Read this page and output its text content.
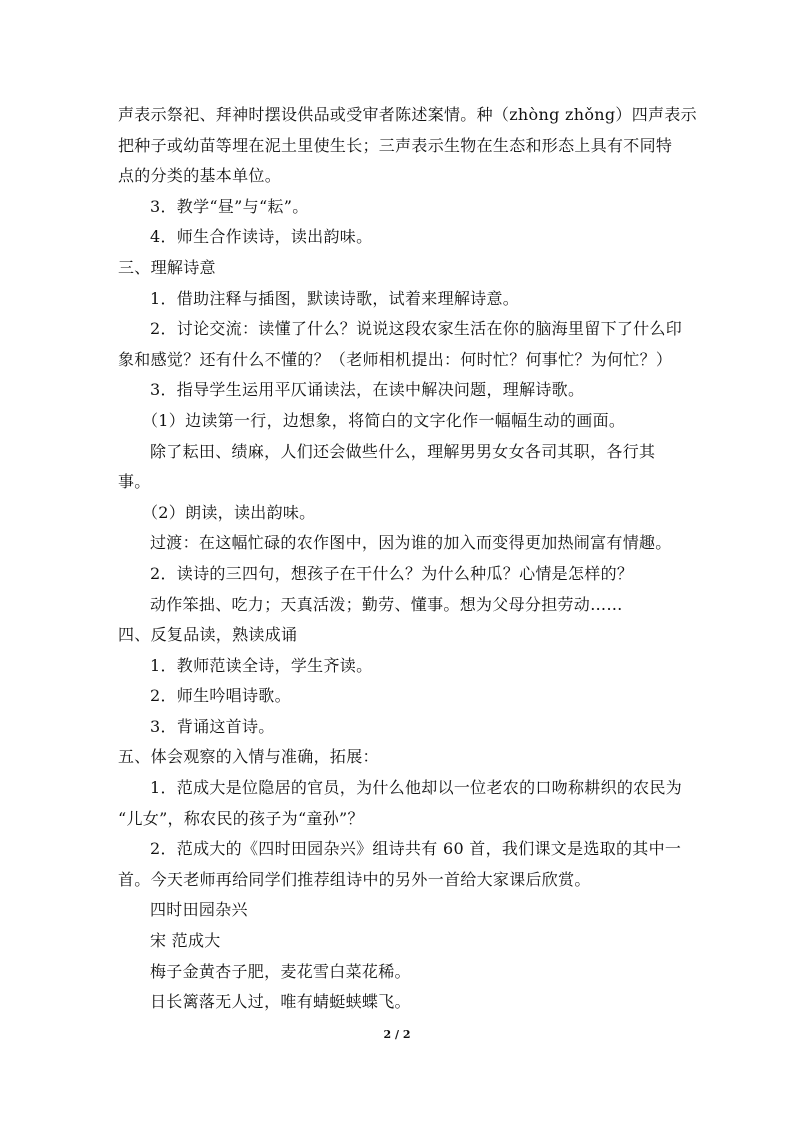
声表示祭祀、拜神时摆设供品或受审者陈述案情。种（zhòng zhǒng）四声表示
把种子或幼苗等埋在泥土里使生长；三声表示生物在生态和形态上具有不同特
点的分类的基本单位。
3．教学“昼”与“耘”。
4．师生合作读诗，读出韵味。
三、理解诗意
1．借助注释与插图，默读诗歌，试着来理解诗意。
2．讨论交流：读懂了什么？说说这段农家生活在你的脑海里留下了什么印
象和感觉？还有什么不懂的？（老师相机提出：何时忙？何事忙？为何忙？）
3．指导学生运用平仄诵读法，在读中解决问题，理解诗歌。
（1）边读第一行，边想象，将简白的文字化作一幅幅生动的画面。
除了耘田、绩麻，人们还会做些什么，理解男男女女各司其职，各行其
事。
（2）朗读，读出韵味。
过渡：在这幅忙碌的农作图中，因为谁的加入而变得更加热闹富有情趣。
2．读诗的三四句，想孩子在干什么？为什么种瓜？心情是怎样的？
动作笨拙、吃力；天真活泼；勤劳、懂事。想为父母分担劳动……
四、反复品读，熟读成诵
1．教师范读全诗，学生齐读。
2．师生吟唱诗歌。
3．背诵这首诗。
五、体会观察的入情与准确，拓展：
1．范成大是位隐居的官员，为什么他却以一位老农的口吻称耕织的农民为
“儿女”，称农民的孩子为“童孙”？
2．范成大的《四时田园杂兴》组诗共有 60 首，我们课文是选取的其中一
首。今天老师再给同学们推荐组诗中的另外一首给大家课后欣赏。
四时田园杂兴
宋 范成大
梅子金黄杏子肥，麦花雪白菜花稀。
日长篱落无人过，唯有蜻蜓蛱蝶飞。
2 / 2
